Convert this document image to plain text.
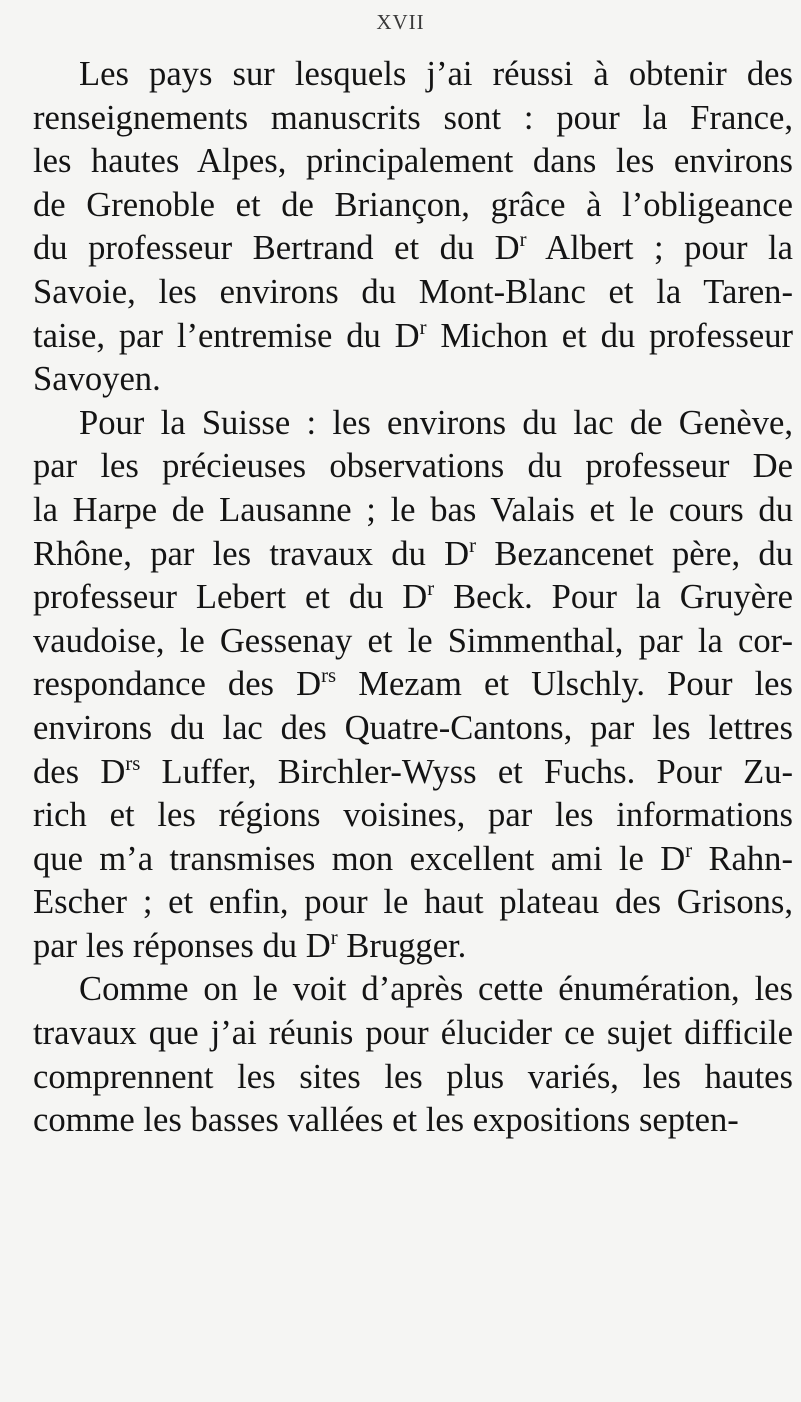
XVII
Les pays sur lesquels j’ai réussi à obtenir des
renseignements manuscrits sont : pour la France,
les hautes Alpes, principalement dans les environs
de Grenoble et de Briançon, grâce à l’obligeance
du professeur Bertrand et du $D^r$ Albert ; pour la
Savoie, les environs du Mont-Blanc et la Taren-
taise, par l’entremise du $D^r$ Michon et du professeur
Savoyen.
Pour la Suisse : les environs du lac de Genève,
par les précieuses observations du professeur De
la Harpe de Lausanne ; le bas Valais et le cours du
Rhône, par les travaux du $D^r$ Bezancenet père, du
professeur Lebert et du $D^r$ Beck. Pour la Gruyère
vaudoise, le Gessenay et le Simmenthal, par la cor-
respondance des $D^{rs}$ Mezam et Ulschly. Pour les
environs du lac des Quatre-Cantons, par les lettres
des $D^{rs}$ Luffer, Birchler-Wyss et Fuchs. Pour Zu-
rich et les régions voisines, par les informations
que m’a transmises mon excellent ami le $D^r$ Rahn-
Escher ; et enfin, pour le haut plateau des Grisons,
par les réponses du $D^r$ Brugger.
Comme on le voit d’après cette énumération, les
travaux que j’ai réunis pour élucider ce sujet difficile
comprennent les sites les plus variés, les hautes
comme les basses vallées et les expositions septen-
